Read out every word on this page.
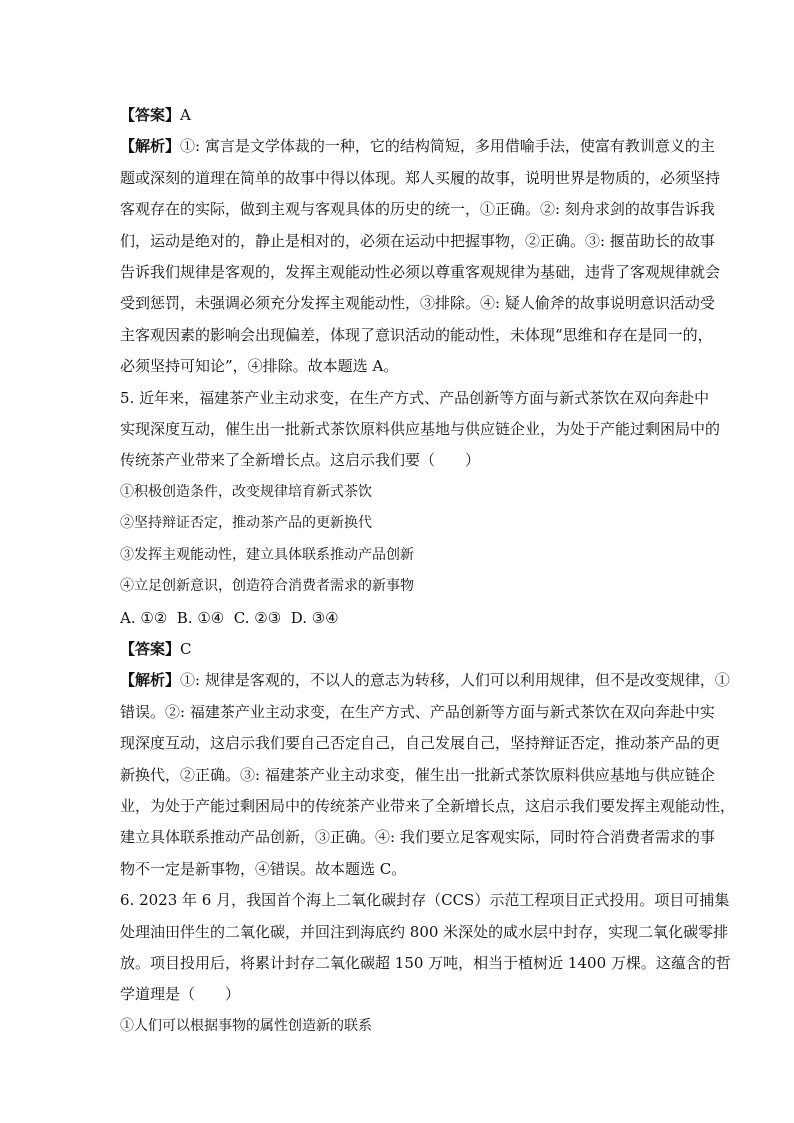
【答案】A
【解析】①: 寓言是文学体裁的一种，它的结构简短，多用借喻手法，使富有教训意义的主
题或深刻的道理在简单的故事中得以体现。郑人买履的故事，说明世界是物质的，必须坚持
客观存在的实际，做到主观与客观具体的历史的统一，①正确。②: 刻舟求剑的故事告诉我
们，运动是绝对的，静止是相对的，必须在运动中把握事物，②正确。③: 揠苗助长的故事
告诉我们规律是客观的，发挥主观能动性必须以尊重客观规律为基础，违背了客观规律就会
受到惩罚，未强调必须充分发挥主观能动性，③排除。④: 疑人偷斧的故事说明意识活动受
主客观因素的影响会出现偏差，体现了意识活动的能动性，未体现“思维和存在是同一的，
必须坚持可知论”，④排除。故本题选 A。
5. 近年来，福建茶产业主动求变，在生产方式、产品创新等方面与新式茶饮在双向奔赴中
实现深度互动，催生出一批新式茶饮原料供应基地与供应链企业，为处于产能过剩困局中的
传统茶产业带来了全新增长点。这启示我们要（　　）
①积极创造条件，改变规律培育新式茶饮
②坚持辩证否定，推动茶产品的更新换代
③发挥主观能动性，建立具体联系推动产品创新
④立足创新意识，创造符合消费者需求的新事物
A. ①②  B. ①④  C. ②③  D. ③④
【答案】C
【解析】①: 规律是客观的，不以人的意志为转移，人们可以利用规律，但不是改变规律，①
错误。②: 福建茶产业主动求变，在生产方式、产品创新等方面与新式茶饮在双向奔赴中实
现深度互动，这启示我们要自己否定自己，自己发展自己，坚持辩证否定，推动茶产品的更
新换代，②正确。③: 福建茶产业主动求变，催生出一批新式茶饮原料供应基地与供应链企
业，为处于产能过剩困局中的传统茶产业带来了全新增长点，这启示我们要发挥主观能动性，
建立具体联系推动产品创新，③正确。④: 我们要立足客观实际，同时符合消费者需求的事
物不一定是新事物，④错误。故本题选 C。
6. 2023 年 6 月，我国首个海上二氧化碳封存（CCS）示范工程项目正式投用。项目可捕集
处理油田伴生的二氧化碳，并回注到海底约 800 米深处的咸水层中封存，实现二氧化碳零排
放。项目投用后，将累计封存二氧化碳超 150 万吨，相当于植树近 1400 万棵。这蕴含的哲
学道理是（　　）
①人们可以根据事物的属性创造新的联系
